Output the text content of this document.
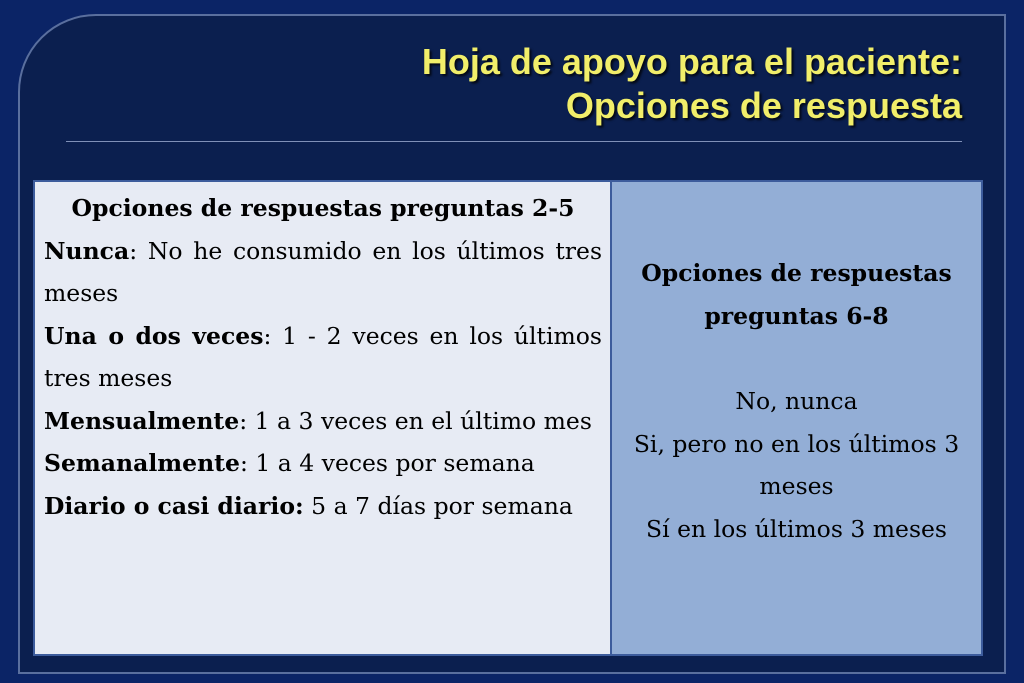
Hoja de apoyo para el paciente:
Opciones de respuesta
Opciones de respuestas preguntas 2-5

Nunca: No he consumido en los últimos tres meses

Una o dos veces: 1 - 2 veces en los últimos tres meses

Mensualmente: 1 a 3 veces en el último mes

Semanalmente: 1 a 4 veces por semana

Diario o casi diario: 5 a 7 días por semana

Opciones de respuestas preguntas 6-8
No, nunca
Si, pero no en los últimos 3 meses
Sí en los últimos 3 meses
